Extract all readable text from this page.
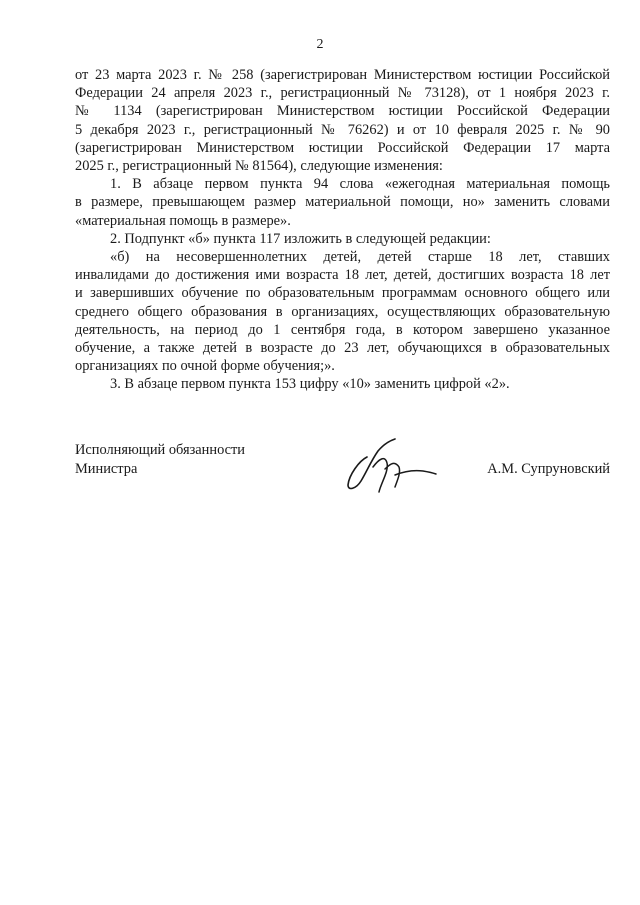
2

от 23 марта 2023 г. № 258 (зарегистрирован Министерством юстиции Российской
Федерации 24 апреля 2023 г., регистрационный № 73128), от 1 ноября 2023 г.
№ 1134 (зарегистрирован Министерством юстиции Российской Федерации
5 декабря 2023 г., регистрационный № 76262) и от 10 февраля 2025 г. № 90
(зарегистрирован Министерством юстиции Российской Федерации 17 марта
2025 г., регистрационный № 81564), следующие изменения:

1. В абзаце первом пункта 94 слова «ежегодная материальная помощь
в размере, превышающем размер материальной помощи, но» заменить словами
«материальная помощь в размере».

2. Подпункт «б» пункта 117 изложить в следующей редакции:

«б) на несовершеннолетних детей, детей старше 18 лет, ставших
инвалидами до достижения ими возраста 18 лет, детей, достигших возраста 18 лет
и завершивших обучение по образовательным программам основного общего или
среднего общего образования в организациях, осуществляющих образовательную
деятельность, на период до 1 сентября года, в котором завершено указанное
обучение, а также детей в возрасте до 23 лет, обучающихся в образовательных
организациях по очной форме обучения;».

3. В абзаце первом пункта 153 цифру «10» заменить цифрой «2».

Исполняющий обязанности
Министра	А.М. Супруновский
